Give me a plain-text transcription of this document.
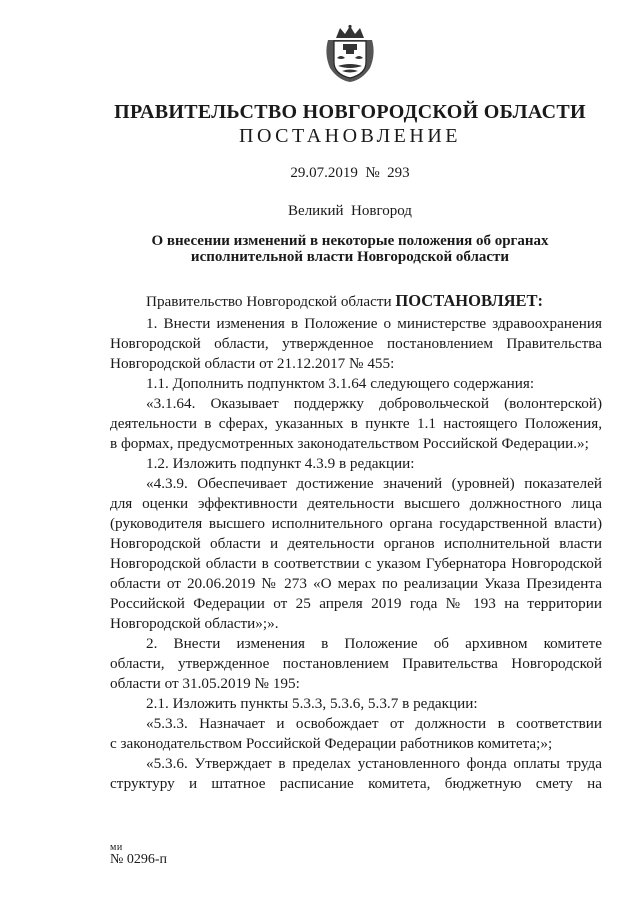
ПРАВИТЕЛЬСТВО НОВГОРОДСКОЙ ОБЛАСТИ
ПОСТАНОВЛЕНИЕ
29.07.2019 № 293
Великий  Новгород
О внесении изменений в некоторые положения об органах
исполнительной власти Новгородской области
Правительство Новгородской области ПОСТАНОВЛЯЕТ:
1. Внести изменения в Положение о министерстве здравоохранения
Новгородской области, утвержденное постановлением Правительства
Новгородской области от 21.12.2017 № 455:
1.1. Дополнить подпунктом 3.1.64 следующего содержания:
«3.1.64. Оказывает поддержку добровольческой (волонтерской)
деятельности в сферах, указанных в пункте 1.1 настоящего Положения,
в формах, предусмотренных законодательством Российской Федерации.»;
1.2. Изложить подпункт 4.3.9 в редакции:
«4.3.9. Обеспечивает достижение значений (уровней) показателей
для оценки эффективности деятельности высшего должностного лица
(руководителя высшего исполнительного органа государственной власти)
Новгородской области и деятельности органов исполнительной власти
Новгородской области в соответствии с указом Губернатора Новгородской
области от 20.06.2019 № 273 «О мерах по реализации Указа Президента
Российской Федерации от 25 апреля 2019 года № 193 на территории
Новгородской области»;».
2. Внести изменения в Положение об архивном комитете
области, утвержденное постановлением Правительства Новгородской
области от 31.05.2019 № 195:
2.1. Изложить пункты 5.3.3, 5.3.6, 5.3.7 в редакции:
«5.3.3. Назначает и освобождает от должности в соответствии
с законодательством Российской Федерации работников комитета;»;
«5.3.6. Утверждает в пределах установленного фонда оплаты труда
структуру и штатное расписание комитета, бюджетную смету на
ми
№ 0296-п
